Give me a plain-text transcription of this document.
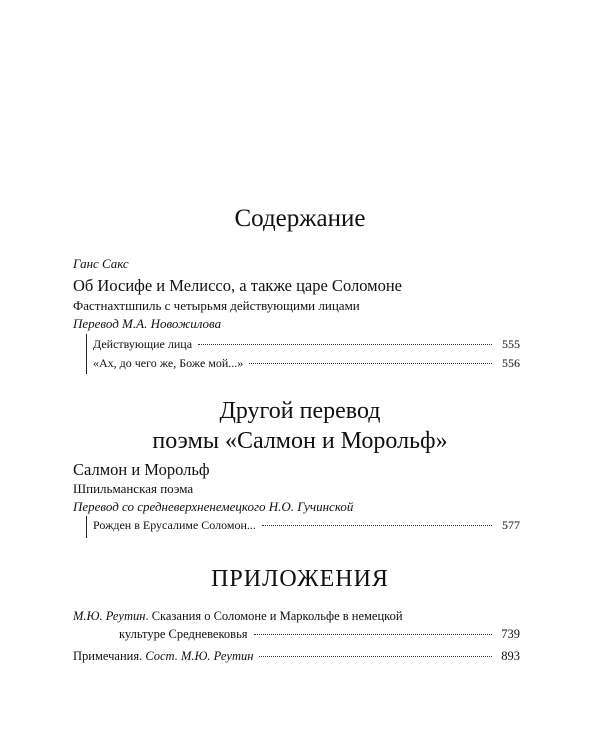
Содержание
Ганс Сакс
Об Иосифе и Мелиссо, а также царе Соломоне
Фастнахтшпиль с четырьмя действующими лицами
Перевод М.А. Новожилова
Действующие лица	555
«Ах, до чего же, Боже мой...»	556
Другой перевод
поэмы «Салмон и Морольф»
Салмон и Морольф
Шпильманская поэма
Перевод со средневерхненемецкого Н.О. Гучинской
Рожден в Ерусалиме Соломон...	577
ПРИЛОЖЕНИЯ
М.Ю. Реутин. Сказания о Соломоне и Маркольфе в немецкой
культуре Средневековья	739
Примечания. Сост. М.Ю. Реутин	893
